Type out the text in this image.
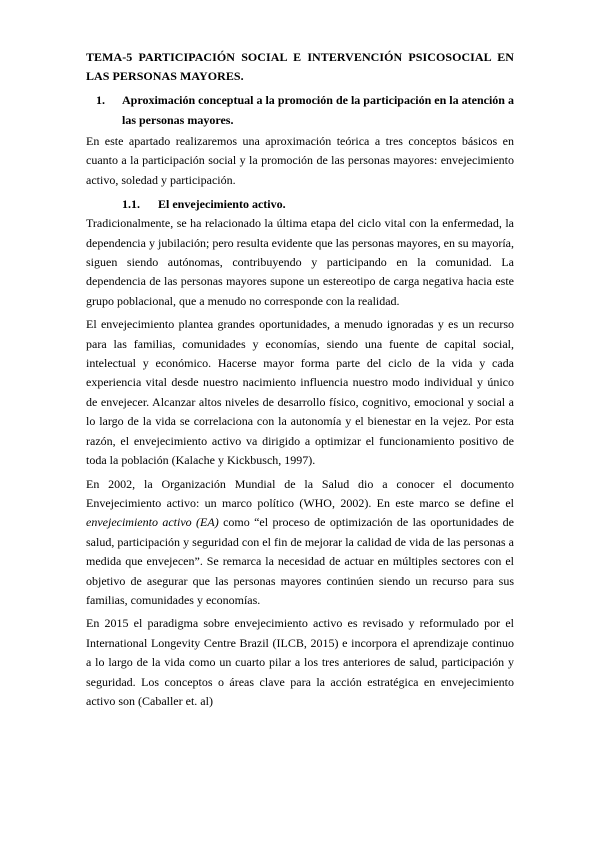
TEMA-5 PARTICIPACIÓN SOCIAL E INTERVENCIÓN PSICOSOCIAL EN LAS PERSONAS MAYORES.
1.	Aproximación conceptual a la promoción de la participación en la atención a las personas mayores.

En este apartado realizaremos una aproximación teórica a tres conceptos básicos en cuanto a la participación social y la promoción de las personas mayores: envejecimiento activo, soledad y participación.

1.1.	El envejecimiento activo.

Tradicionalmente, se ha relacionado la última etapa del ciclo vital con la enfermedad, la dependencia y jubilación; pero resulta evidente que las personas mayores, en su mayoría, siguen siendo autónomas, contribuyendo y participando en la comunidad. La dependencia de las personas mayores supone un estereotipo de carga negativa hacia este grupo poblacional, que a menudo no corresponde con la realidad.

El envejecimiento plantea grandes oportunidades, a menudo ignoradas y es un recurso para las familias, comunidades y economías, siendo una fuente de capital social, intelectual y económico. Hacerse mayor forma parte del ciclo de la vida y cada experiencia vital desde nuestro nacimiento influencia nuestro modo individual y único de envejecer. Alcanzar altos niveles de desarrollo físico, cognitivo, emocional y social a lo largo de la vida se correlaciona con la autonomía y el bienestar en la vejez. Por esta razón, el envejecimiento activo va dirigido a optimizar el funcionamiento positivo de toda la población (Kalache y Kickbusch, 1997).

En 2002, la Organización Mundial de la Salud dio a conocer el documento Envejecimiento activo: un marco político (WHO, 2002). En este marco se define el envejecimiento activo (EA) como “el proceso de optimización de las oportunidades de salud, participación y seguridad con el fin de mejorar la calidad de vida de las personas a medida que envejecen”. Se remarca la necesidad de actuar en múltiples sectores con el objetivo de asegurar que las personas mayores continúen siendo un recurso para sus familias, comunidades y economías.

En 2015 el paradigma sobre envejecimiento activo es revisado y reformulado por el International Longevity Centre Brazil (ILCB, 2015) e incorpora el aprendizaje continuo a lo largo de la vida como un cuarto pilar a los tres anteriores de salud, participación y seguridad. Los conceptos o áreas clave para la acción estratégica en envejecimiento activo son (Caballer et. al)
